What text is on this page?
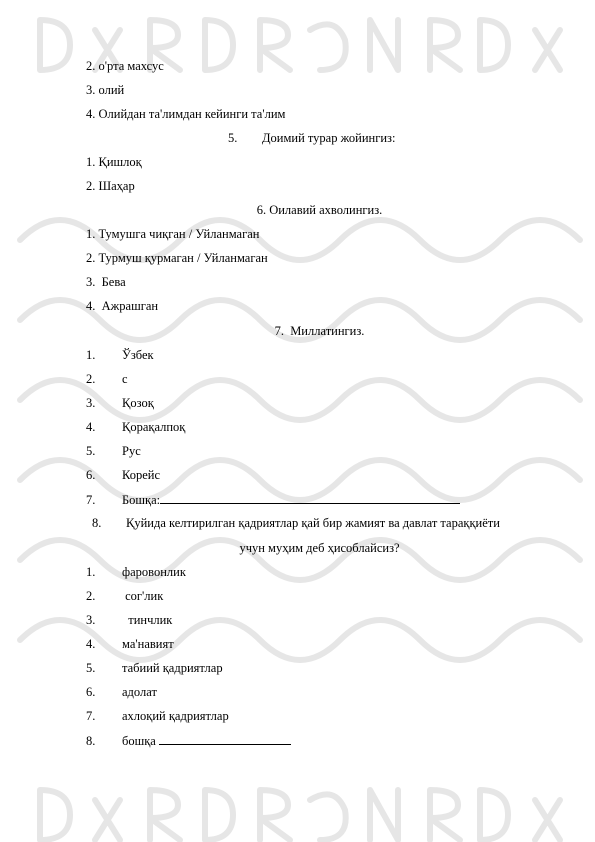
2. o'рта махсус
3. олий
4. Олийдан та'лимдан кейинги та'лим
5. Доимий турар жойингиз:
1. Қишлоқ
2. Шаҳар
6. Оилавий ахволингиз.
1. Тумушга чиқган / Уйланмаган
2. Турмуш қурмаган / Уйланмаган
3.  Бева
4.  Ажрашган
7.  Миллатингиз.
1. Ўзбек
2. с
3. Қозоқ
4. Қорақалпоқ
5. Рус
6. Корейс
7. Бошқа:
8. Қуйида келтирилган қадриятлар қай бир жамият ва давлат тараққиёти
учун муҳим деб ҳисоблайсиз?
1. фаровонлик
2. сог'лик
3.  тинчлик
4. ма'навият
5. табиий қадриятлар
6. адолат
7. ахлоқий қадриятлар
8. бошқа
